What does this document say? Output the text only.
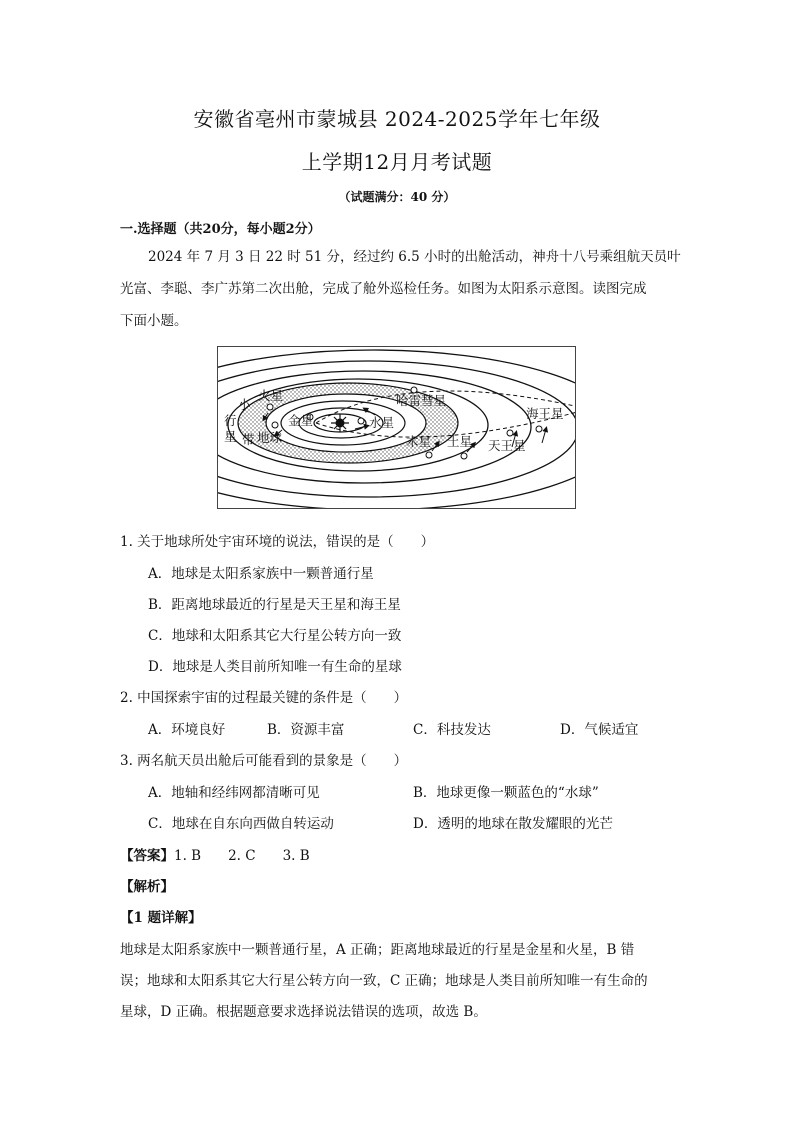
安徽省亳州市蒙城县 2024-2025学年七年级
上学期12月月考试题
（试题满分：40 分）
一.选择题（共20分，每小题2分）
2024 年 7 月 3 日 22 时 51 分，经过约 6.5 小时的出舱活动，神舟十八号乘组航天员叶
光富、李聪、李广苏第二次出舱，完成了舱外巡检任务。如图为太阳系示意图。读图完成
下面小题。
小
火星
行
星 带
金星	水星
地球
哈雷彗星
木星 土星 天王星
海王星
1. 关于地球所处宇宙环境的说法，错误的是（　　）
A．地球是太阳系家族中一颗普通行星
B．距离地球最近的行星是天王星和海王星
C．地球和太阳系其它大行星公转方向一致
D．地球是人类目前所知唯一有生命的星球
2. 中国探索宇宙的过程最关键的条件是（　　）
A．环境良好	B．资源丰富	C．科技发达	D．气候适宜
3. 两名航天员出舱后可能看到的景象是（　　）
A．地轴和经纬网都清晰可见	B．地球更像一颗蓝色的“水球”
C．地球在自东向西做自转运动	D．透明的地球在散发耀眼的光芒
【答案】1. B　　2. C　　3. B
【解析】
【1 题详解】
地球是太阳系家族中一颗普通行星，A 正确；距离地球最近的行星是金星和火星，B 错
误；地球和太阳系其它大行星公转方向一致，C 正确；地球是人类目前所知唯一有生命的
星球，D 正确。根据题意要求选择说法错误的选项，故选 B。
